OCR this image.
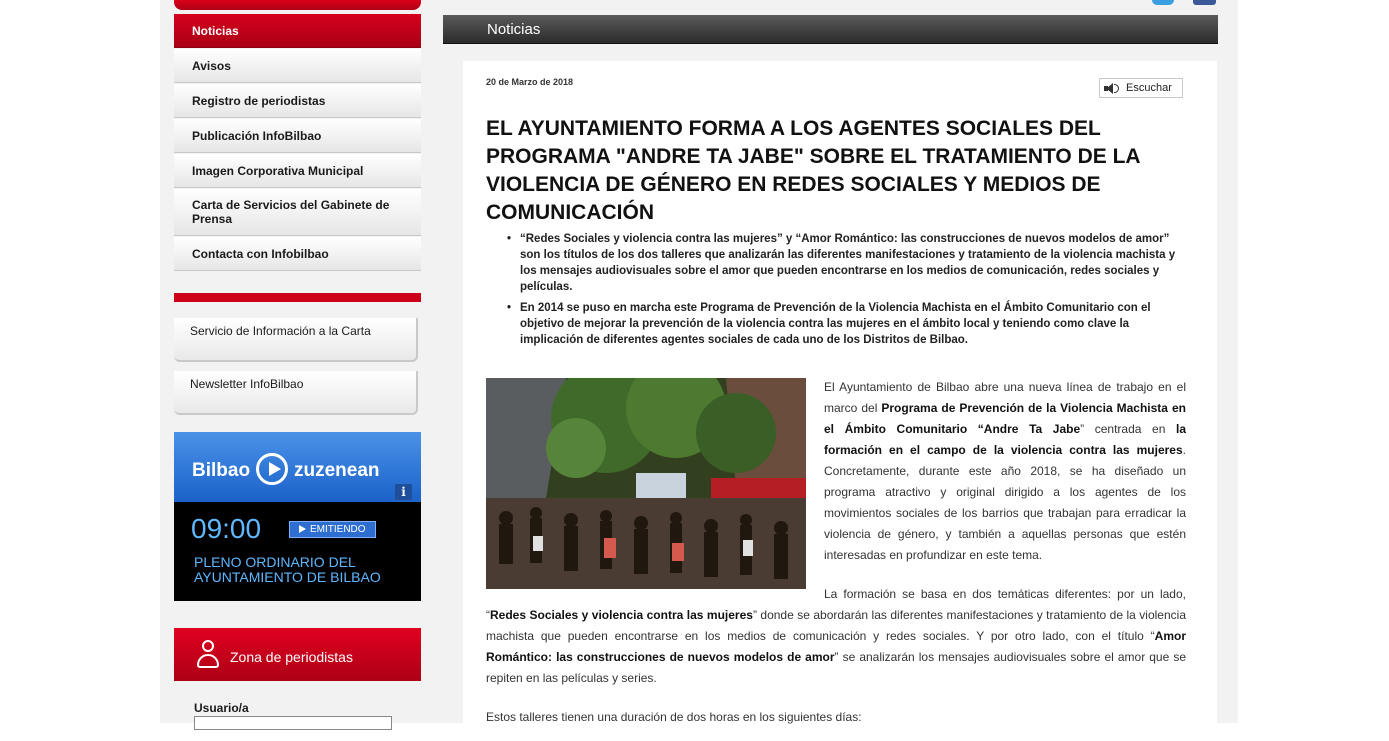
Noticias
Avisos
Registro de periodistas
Publicación InfoBilbao
Imagen Corporativa Municipal
Carta de Servicios del Gabinete de Prensa
Contacta con Infobilbao
Servicio de Información a la Carta
Newsletter InfoBilbao
Bilbao zuzenean
i
09:00	EMITIENDO
PLENO ORDINARIO DEL AYUNTAMIENTO DE BILBAO
Zona de periodistas
Usuario/a
Noticias
20 de Marzo de 2018	Escuchar
EL AYUNTAMIENTO FORMA A LOS AGENTES SOCIALES DEL PROGRAMA "ANDRE TA JABE" SOBRE EL TRATAMIENTO DE LA VIOLENCIA DE GÉNERO EN REDES SOCIALES Y MEDIOS DE COMUNICACIÓN
• “Redes Sociales y violencia contra las mujeres” y “Amor Romántico: las construcciones de nuevos modelos de amor” son los títulos de los dos talleres que analizarán las diferentes manifestaciones y tratamiento de la violencia machista y los mensajes audiovisuales sobre el amor que pueden encontrarse en los medios de comunicación, redes sociales y películas.
• En 2014 se puso en marcha este Programa de Prevención de la Violencia Machista en el Ámbito Comunitario con el objetivo de mejorar la prevención de la violencia contra las mujeres en el ámbito local y teniendo como clave la implicación de diferentes agentes sociales de cada uno de los Distritos de Bilbao.

El Ayuntamiento de Bilbao abre una nueva línea de trabajo en el marco del Programa de Prevención de la Violencia Machista en el Ámbito Comunitario “Andre Ta Jabe” centrada en la formación en el campo de la violencia contra las mujeres. Concretamente, durante este año 2018, se ha diseñado un programa atractivo y original dirigido a los agentes de los movimientos sociales de los barrios que trabajan para erradicar la violencia de género, y también a aquellas personas que estén interesadas en profundizar en este tema.

La formación se basa en dos temáticas diferentes: por un lado, “Redes Sociales y violencia contra las mujeres” donde se abordarán las diferentes manifestaciones y tratamiento de la violencia machista que pueden encontrarse en los medios de comunicación y redes sociales. Y por otro lado, con el título “Amor Romántico: las construcciones de nuevos modelos de amor” se analizarán los mensajes audiovisuales sobre el amor que se repiten en las películas y series.

Estos talleres tienen una duración de dos horas en los siguientes días:
